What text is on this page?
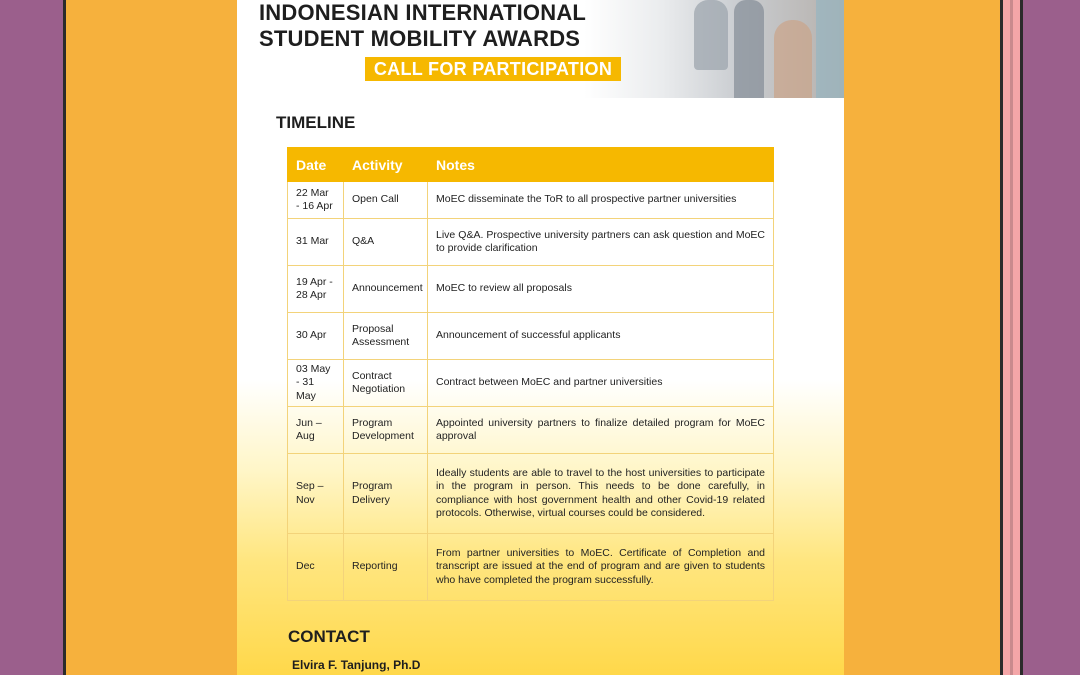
INDONESIAN INTERNATIONAL
STUDENT MOBILITY AWARDS
CALL FOR PARTICIPATION
TIMELINE
Date	Activity	Notes
22 Mar - 16 Apr	Open Call	MoEC disseminate the ToR to all prospective partner universities
31 Mar	Q&A	Live Q&A. Prospective university partners can ask question and MoEC to provide clarification
19 Apr - 28 Apr	Announcement	MoEC to review all proposals
30 Apr	Proposal Assessment	Announcement of successful applicants
03 May - 31 May	Contract Negotiation	Contract between MoEC and partner universities
Jun – Aug	Program Development	Appointed university partners to finalize detailed program for MoEC approval
Sep – Nov	Program Delivery	Ideally students are able to travel to the host universities to participate in the program in person. This needs to be done carefully, in compliance with host government health and other Covid-19 related protocols. Otherwise, virtual courses could be considered.
Dec	Reporting	From partner universities to MoEC. Certificate of Completion and transcript are issued at the end of program and are given to students who have completed the program successfully.
CONTACT
Elvira F. Tanjung, Ph.D
